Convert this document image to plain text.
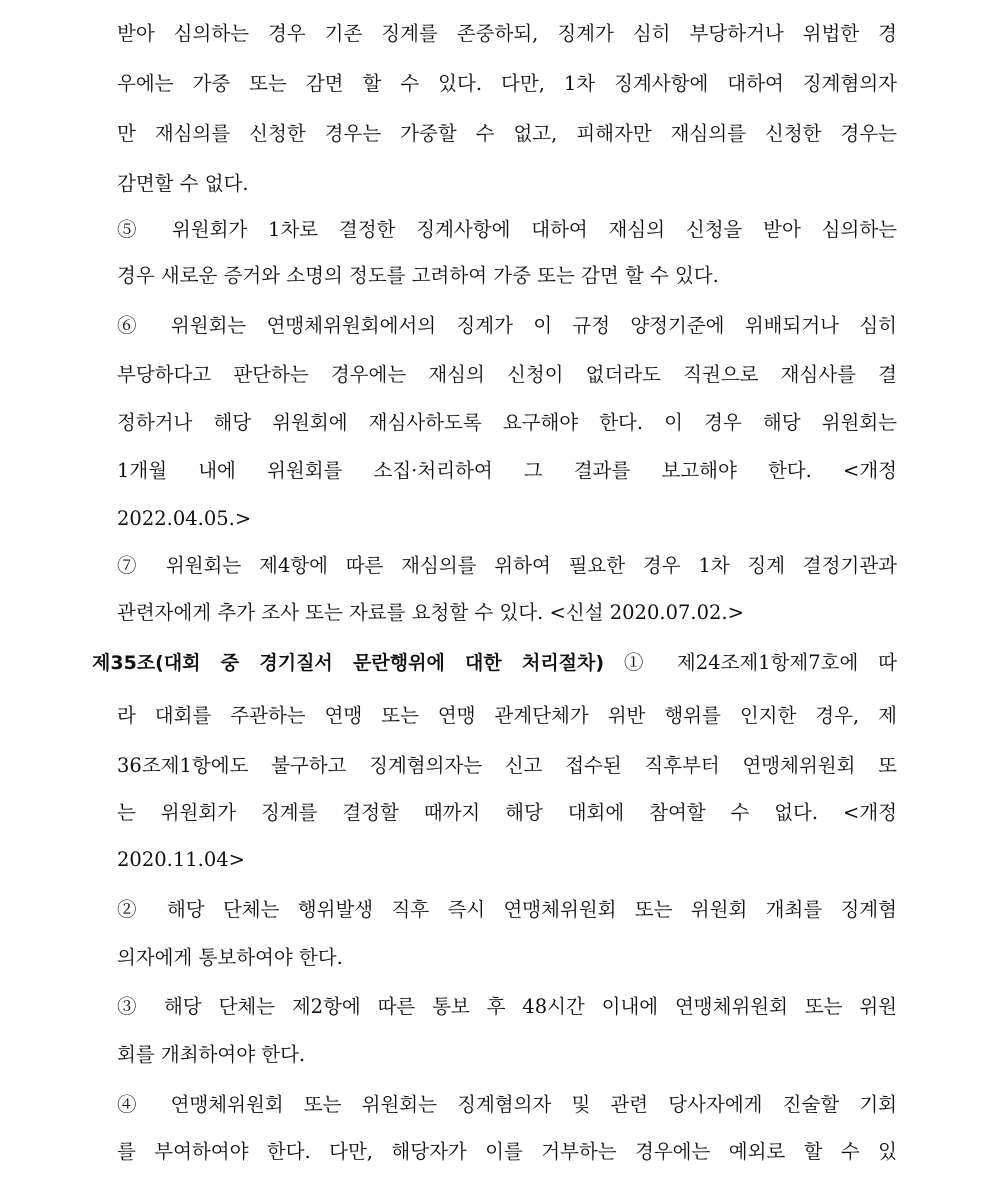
받아 심의하는 경우 기존 징계를 존중하되, 징계가 심히 부당하거나 위법한 경
우에는 가중 또는 감면 할 수 있다. 다만, 1차 징계사항에 대하여 징계혐의자
만 재심의를 신청한 경우는 가중할 수 없고, 피해자만 재심의를 신청한 경우는
감면할 수 없다.
⑤ 위원회가 1차로 결정한 징계사항에 대하여 재심의 신청을 받아 심의하는
경우 새로운 증거와 소명의 정도를 고려하여 가중 또는 감면 할 수 있다.
⑥ 위원회는 연맹체위원회에서의 징계가 이 규정 양정기준에 위배되거나 심히
부당하다고 판단하는 경우에는 재심의 신청이 없더라도 직권으로 재심사를 결
정하거나 해당 위원회에 재심사하도록 요구해야 한다. 이 경우 해당 위원회는
1개월 내에 위원회를 소집·처리하여 그 결과를 보고해야 한다. <개정
2022.04.05.>
⑦ 위원회는 제4항에 따른 재심의를 위하여 필요한 경우 1차 징계 결정기관과
관련자에게 추가 조사 또는 자료를 요청할 수 있다. <신설 2020.07.02.>
제35조(대회 중 경기질서 문란행위에 대한 처리절차) ① 제24조제1항제7호에 따
라 대회를 주관하는 연맹 또는 연맹 관계단체가 위반 행위를 인지한 경우, 제
36조제1항에도 불구하고 징계혐의자는 신고 접수된 직후부터 연맹체위원회 또
는 위원회가 징계를 결정할 때까지 해당 대회에 참여할 수 없다. <개정
2020.11.04>
② 해당 단체는 행위발생 직후 즉시 연맹체위원회 또는 위원회 개최를 징계혐
의자에게 통보하여야 한다.
③ 해당 단체는 제2항에 따른 통보 후 48시간 이내에 연맹체위원회 또는 위원
회를 개최하여야 한다.
④ 연맹체위원회 또는 위원회는 징계혐의자 및 관련 당사자에게 진술할 기회
를 부여하여야 한다. 다만, 해당자가 이를 거부하는 경우에는 예외로 할 수 있
